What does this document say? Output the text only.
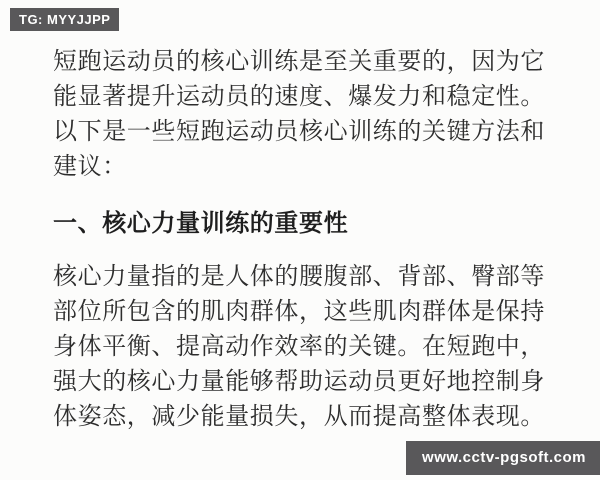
TG: MYYJJPP
短跑运动员的核心训练是至关重要的，因为它
能显著提升运动员的速度、爆发力和稳定性。
以下是一些短跑运动员核心训练的关键方法和
建议：
一、核心力量训练的重要性
核心力量指的是人体的腰腹部、背部、臀部等
部位所包含的肌肉群体，这些肌肉群体是保持
身体平衡、提高动作效率的关键。在短跑中，
强大的核心力量能够帮助运动员更好地控制身
体姿态，减少能量损失，从而提高整体表现。
www.cctv-pgsoft.com
